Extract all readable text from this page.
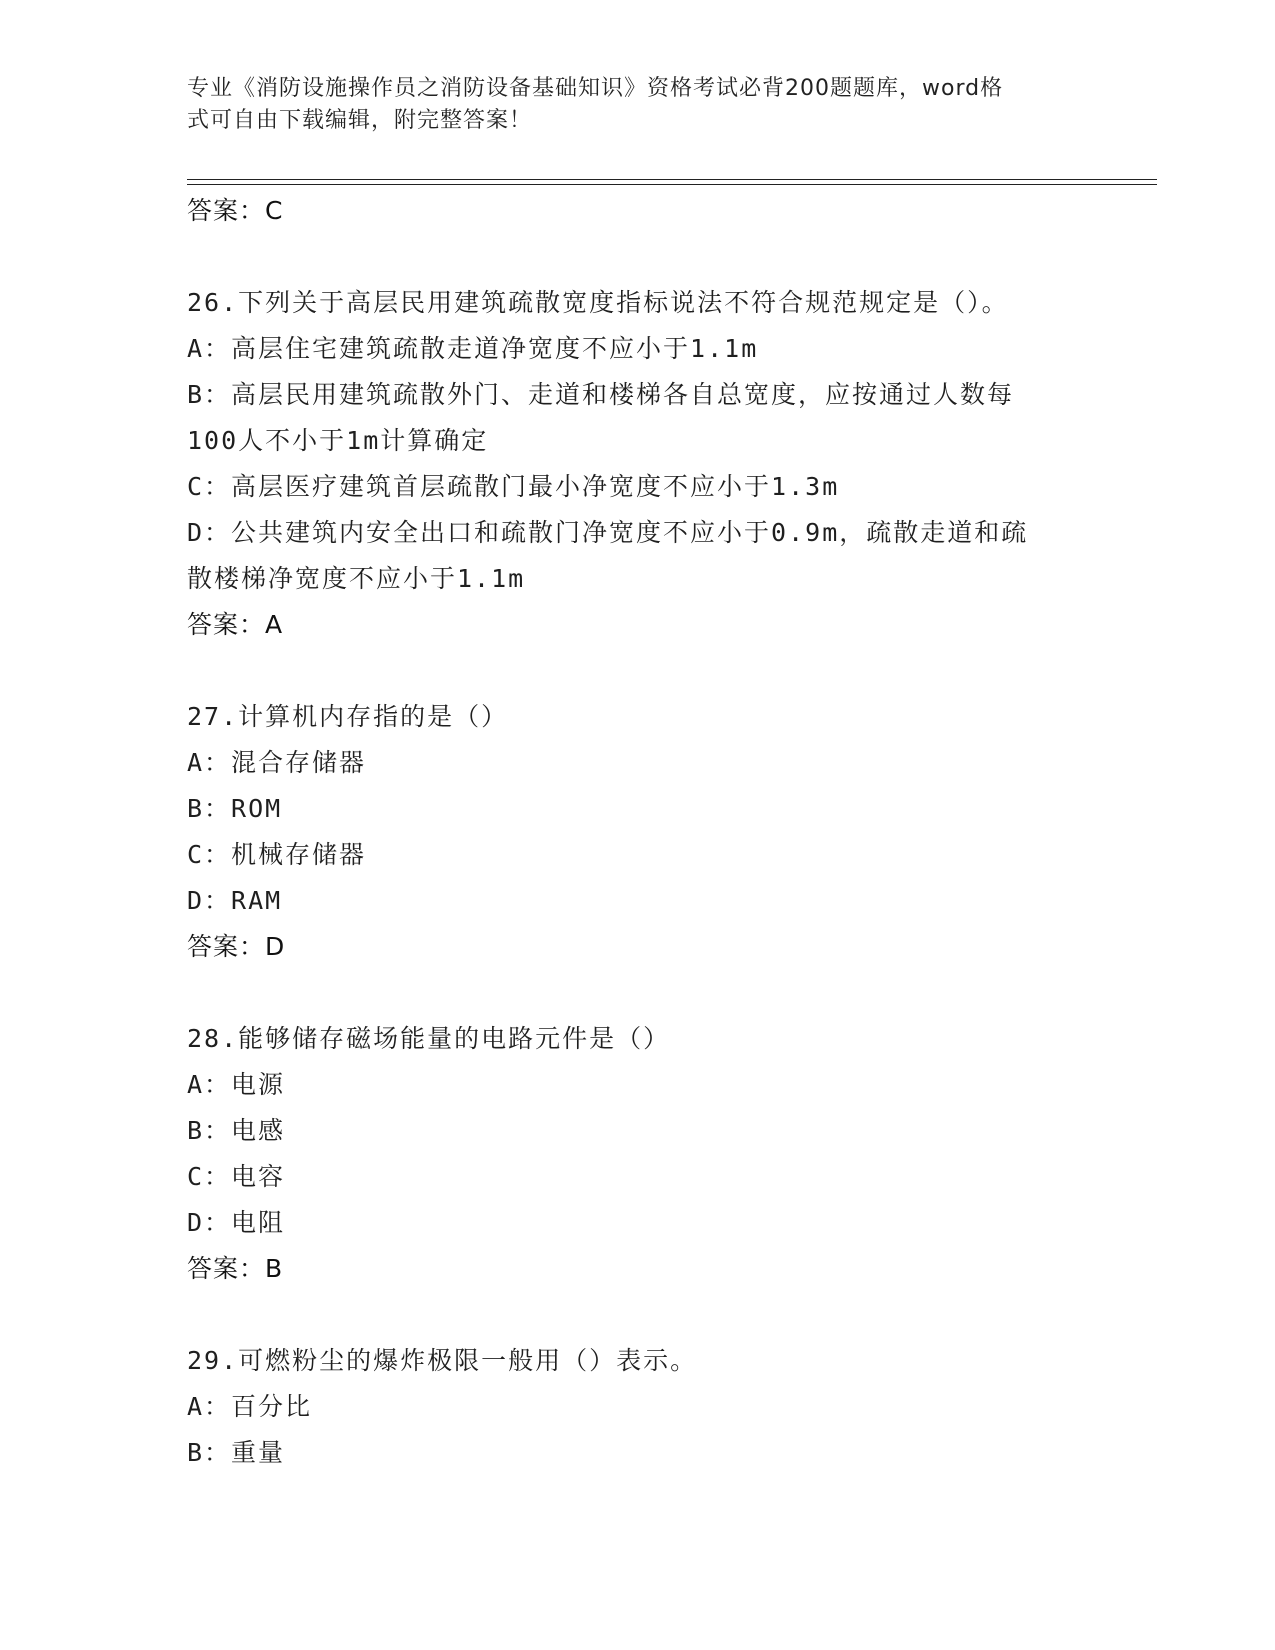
专业《消防设施操作员之消防设备基础知识》资格考试必背200题题库，word格
式可自由下载编辑，附完整答案！
答案：C
26.下列关于高层民用建筑疏散宽度指标说法不符合规范规定是（）。
A：高层住宅建筑疏散走道净宽度不应小于1.1m
B：高层民用建筑疏散外门、走道和楼梯各自总宽度，应按通过人数每
100人不小于1m计算确定
C：高层医疗建筑首层疏散门最小净宽度不应小于1.3m
D：公共建筑内安全出口和疏散门净宽度不应小于0.9m，疏散走道和疏
散楼梯净宽度不应小于1.1m
答案：A
27.计算机内存指的是（）
A：混合存储器
B：ROM
C：机械存储器
D：RAM
答案：D
28.能够储存磁场能量的电路元件是（）
A：电源
B：电感
C：电容
D：电阻
答案：B
29.可燃粉尘的爆炸极限一般用（）表示。
A：百分比
B：重量
